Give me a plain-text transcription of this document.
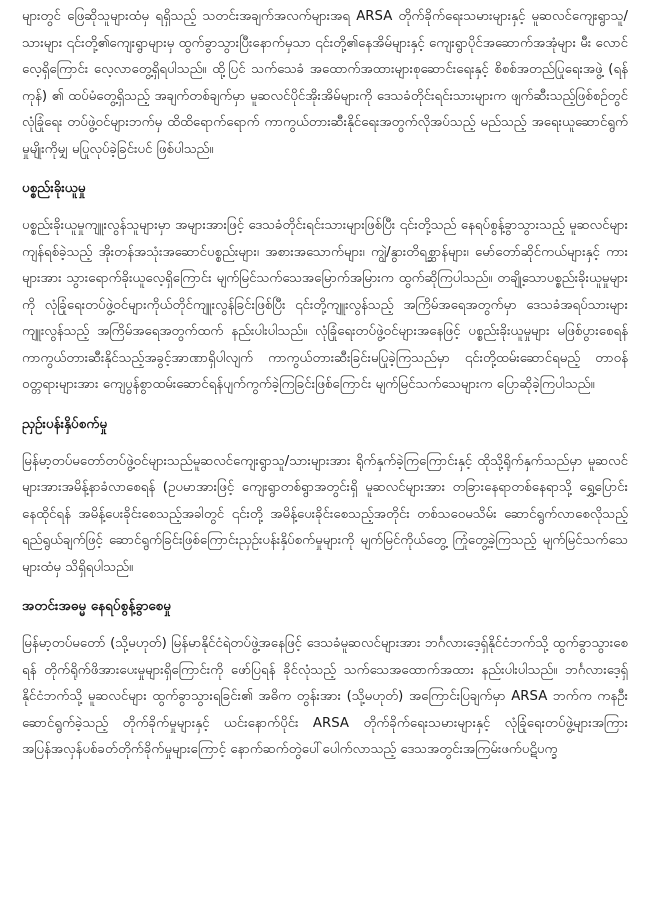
များတွင် ဖြေဆိုသူများထံမှ ရရှိသည့် သတင်းအချက်အလက်များအရ ARSA တိုက်ခိုက်ရေးသမားများနှင့် မူဆလင်ကျေးရွာသူ/သားများ ၎င်းတို့၏ကျေးရွာများမှ ထွက်ခွာသွားပြီးနောက်မှသာ ၎င်းတို့၏နေအိမ်များနှင့် ကျေးရွာပိုင်အဆောက်အအုံများ မီး လောင်လေ့ရှိကြောင်း လေ့လာတွေ့ရှိရပါသည်။ ထို့ပြင် သက်သေခံ အထောက်အထားများစုဆောင်းရေးနှင့် စိစစ်အတည်ပြုရေးအဖွဲ့ (ရန်ကုန်) ၏ ထပ်မံတွေ့ရှိသည့် အချက်တစ်ချက်မှာ မူဆလင်ပိုင်အိုးအိမ်များကို ဒေသခံတိုင်းရင်းသားများက ဖျက်ဆီးသည့်ဖြစ်စဉ်တွင် လုံခြုံရေး တပ်ဖွဲ့ဝင်များဘက်မှ ထိထိရောက်ရောက် ကာကွယ်တားဆီးနိုင်ရေးအတွက်လိုအပ်သည့် မည်သည့် အရေးယူဆောင်ရွက်မှုမျိုးကိုမျှ မပြုလုပ်ခဲ့ခြင်းပင် ဖြစ်ပါသည်။

ပစ္စည်းခိုးယူမှု

ပစ္စည်းခိုးယူမှုကျူးလွန်သူများမှာ အများအားဖြင့် ဒေသခံတိုင်းရင်းသားများဖြစ်ပြီး ၎င်းတို့သည် နေရပ်စွန့်ခွာသွားသည့် မူဆလင်များကျန်ရစ်ခဲ့သည့် အိုးတန်အသုံးအဆောင်ပစ္စည်းများ၊ အစားအသောက်များ၊ ကျွဲ/နွားတိရစ္ဆာန်များ၊ မော်တော်ဆိုင်ကယ်များနှင့် ကားများအား သွားရောက်ခိုးယူလေ့ရှိကြောင်း မျက်မြင်သက်သေအမြောက်အမြားက ထွက်ဆိုကြပါသည်။ တချို့သောပစ္စည်းခိုးယူမှုများကို လုံခြုံရေးတပ်ဖွဲ့ဝင်များကိုယ်တိုင်ကျူးလွန်ခြင်းဖြစ်ပြီး ၎င်းတို့ကျူးလွန်သည့် အကြိမ်အရေအတွက်မှာ ဒေသခံအရပ်သားများကျူးလွန်သည့် အကြိမ်အရေအတွက်ထက် နည်းပါးပါသည်။ လုံခြုံရေးတပ်ဖွဲ့ဝင်များအနေဖြင့် ပစ္စည်းခိုးယူမှုများ မဖြစ်ပွားစေရန် ကာကွယ်တားဆီးနိုင်သည့်အခွင့်အာဏာရှိပါလျက် ကာကွယ်တားဆီးခြင်းမပြုခဲ့ကြသည်မှာ ၎င်းတို့ထမ်းဆောင်ရမည့် တာဝန်ဝတ္တရားများအား ကျေပွန်စွာထမ်းဆောင်ရန်ပျက်ကွက်ခဲ့ကြခြင်းဖြစ်ကြောင်း မျက်မြင်သက်သေများက ပြောဆိုခဲ့ကြပါသည်။

ညှဉ်းပန်းနှိပ်စက်မှု

မြန်မာ့တပ်မတော်တပ်ဖွဲ့ဝင်များသည်မူဆလင်ကျေးရွာသူ/သားများအား ရိုက်နှက်ခဲ့ကြကြောင်းနှင့် ထိုသို့ရိုက်နှက်သည်မှာ မူဆလင်များအားအမိန့်နာခံလာစေရန် (ဥပမာအားဖြင့် ကျေးရွာတစ်ရွာအတွင်းရှိ မူဆလင်များအား တခြားနေရာတစ်နေရာသို့ ရွှေ့ပြောင်းနေထိုင်ရန် အမိန့်ပေးခိုင်းစေသည့်အခါတွင် ၎င်းတို့ အမိန့်ပေးခိုင်းစေသည့်အတိုင်း တစ်သဝေမသိမ်း ဆောင်ရွက်လာစေလိုသည့် ရည်ရွယ်ချက်ဖြင့် ဆောင်ရွက်ခြင်းဖြစ်ကြောင်းညှဉ်းပန်းနှိပ်စက်မှုများကို မျက်မြင်ကိုယ်တွေ့ ကြုံတွေ့ခဲ့ကြသည့် မျက်မြင်သက်သေများထံမှ သိရှိရပါသည်။

အတင်းအဓမ္မ နေရပ်စွန့်ခွာစေမှု

မြန်မာ့တပ်မတော် (သို့မဟုတ်) မြန်မာနိုင်ငံရဲတပ်ဖွဲ့အနေဖြင့် ဒေသခံမူဆလင်များအား ဘင်္ဂလားဒေ့ရှ်နိုင်ငံဘက်သို့ ထွက်ခွာသွားစေရန် တိုက်ရိုက်ဖိအားပေးမှုများရှိကြောင်းကို ဖော်ပြရန် ခိုင်လုံသည့် သက်သေအထောက်အထား နည်းပါးပါသည်။ ဘင်္ဂလားဒေ့ရှ်နိုင်ငံဘက်သို့ မူဆလင်များ ထွက်ခွာသွားရခြင်း၏ အဓိက တွန်းအား (သို့မဟုတ်) အကြောင်းပြချက်မှာ ARSA ဘက်က ကနဦးဆောင်ရွက်ခဲ့သည့် တိုက်ခိုက်မှုများနှင့် ယင်းနောက်ပိုင်း ARSA တိုက်ခိုက်ရေးသမားများနှင့် လုံခြုံရေးတပ်ဖွဲ့များအကြား အပြန်အလှန်ပစ်ခတ်တိုက်ခိုက်မှုများကြောင့် နောက်ဆက်တွဲပေါ်ပေါက်လာသည့် ဒေသအတွင်းအကြမ်းဖက်ပဋိပက္ခ
